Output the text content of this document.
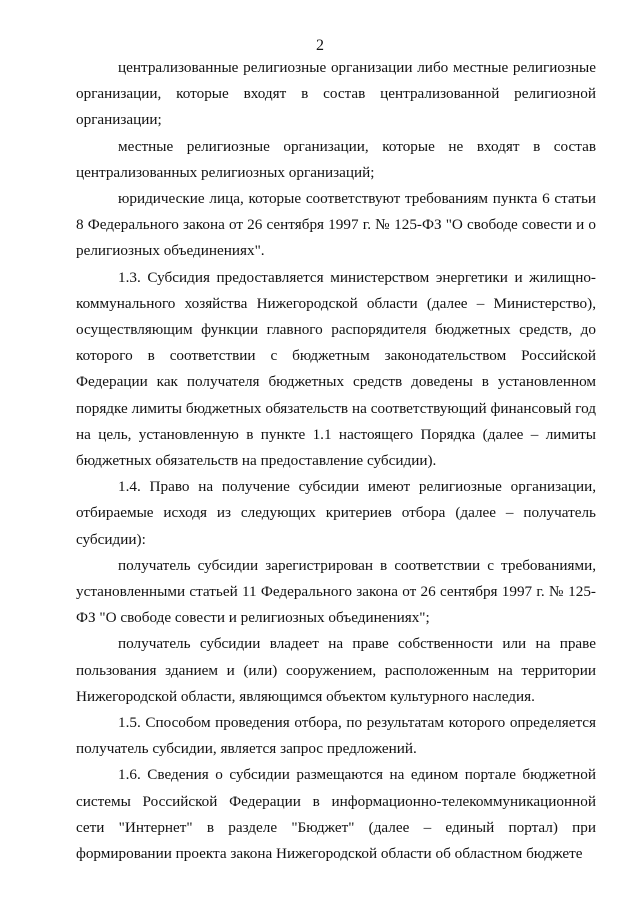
2

централизованные религиозные организации либо местные религиозные организации, которые входят в состав централизованной религиозной организации;

местные религиозные организации, которые не входят в состав централизованных религиозных организаций;

юридические лица, которые соответствуют требованиям пункта 6 статьи 8 Федерального закона от 26 сентября 1997 г. № 125-ФЗ "О свободе совести и о религиозных объединениях".

1.3. Субсидия предоставляется министерством энергетики и жилищно-коммунального хозяйства Нижегородской области (далее – Министерство), осуществляющим функции главного распорядителя бюджетных средств, до которого в соответствии с бюджетным законодательством Российской Федерации как получателя бюджетных средств доведены в установленном порядке лимиты бюджетных обязательств на соответствующий финансовый год на цель, установленную в пункте 1.1 настоящего Порядка (далее – лимиты бюджетных обязательств на предоставление субсидии).

1.4. Право на получение субсидии имеют религиозные организации, отбираемые исходя из следующих критериев отбора (далее – получатель субсидии):

получатель субсидии зарегистрирован в соответствии с требованиями, установленными статьей 11 Федерального закона от 26 сентября 1997 г. № 125-ФЗ "О свободе совести и религиозных объединениях";

получатель субсидии владеет на праве собственности или на праве пользования зданием и (или) сооружением, расположенным на территории Нижегородской области, являющимся объектом культурного наследия.

1.5. Способом проведения отбора, по результатам которого определяется получатель субсидии, является запрос предложений.

1.6. Сведения о субсидии размещаются на едином портале бюджетной системы Российской Федерации в информационно-телекоммуникационной сети "Интернет" в разделе "Бюджет" (далее – единый портал) при формировании проекта закона Нижегородской области об областном бюджете
